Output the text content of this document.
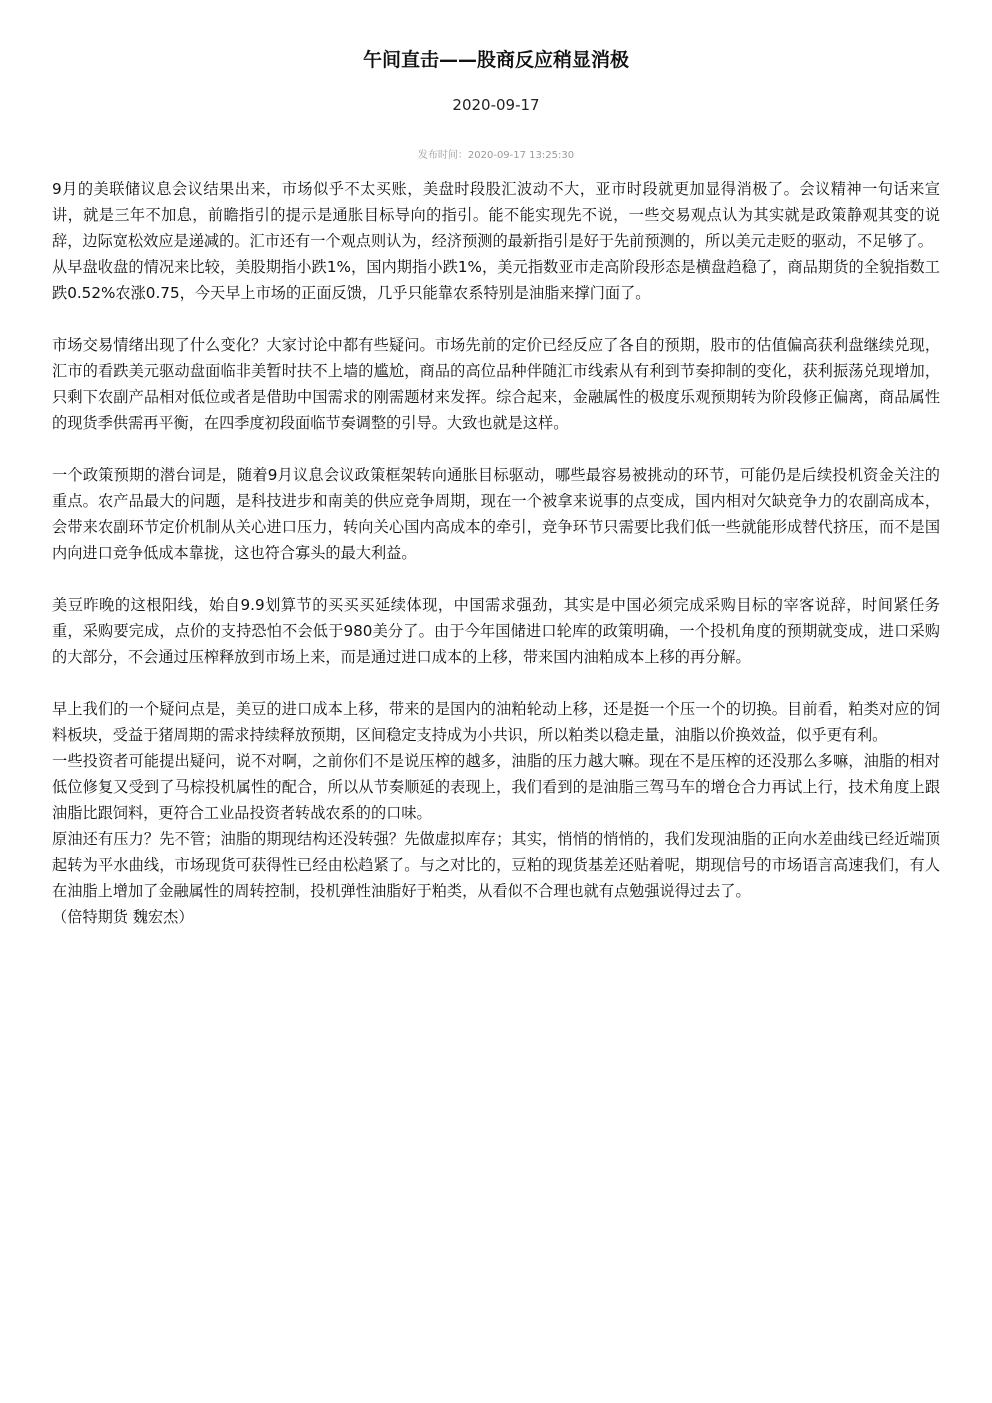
午间直击——股商反应稍显消极
2020-09-17
发布时间：2020-09-17 13:25:30

9月的美联储议息会议结果出来，市场似乎不太买账，美盘时段股汇波动不大，亚市时段就更加显得消极了。会议精神一句话来宣讲，就是三年不加息，前瞻指引的提示是通胀目标导向的指引。能不能实现先不说，一些交易观点认为其实就是政策静观其变的说辞，边际宽松效应是递减的。汇市还有一个观点则认为，经济预测的最新指引是好于先前预测的，所以美元走贬的驱动，不足够了。

从早盘收盘的情况来比较，美股期指小跌1%，国内期指小跌1%，美元指数亚市走高阶段形态是横盘趋稳了，商品期货的全貌指数工跌0.52%农涨0.75，今天早上市场的正面反馈，几乎只能靠农系特别是油脂来撑门面了。

市场交易情绪出现了什么变化？大家讨论中都有些疑问。市场先前的定价已经反应了各自的预期，股市的估值偏高获利盘继续兑现，汇市的看跌美元驱动盘面临非美暂时扶不上墙的尴尬，商品的高位品种伴随汇市线索从有利到节奏抑制的变化，获利振荡兑现增加，只剩下农副产品相对低位或者是借助中国需求的刚需题材来发挥。综合起来，金融属性的极度乐观预期转为阶段修正偏离，商品属性的现货季供需再平衡，在四季度初段面临节奏调整的引导。大致也就是这样。

一个政策预期的潜台词是，随着9月议息会议政策框架转向通胀目标驱动，哪些最容易被挑动的环节，可能仍是后续投机资金关注的重点。农产品最大的问题，是科技进步和南美的供应竞争周期，现在一个被拿来说事的点变成，国内相对欠缺竞争力的农副高成本，会带来农副环节定价机制从关心进口压力，转向关心国内高成本的牵引，竞争环节只需要比我们低一些就能形成替代挤压，而不是国内向进口竞争低成本靠拢，这也符合寡头的最大利益。

美豆昨晚的这根阳线，始自9.9划算节的买买买延续体现，中国需求强劲，其实是中国必须完成采购目标的宰客说辞，时间紧任务重，采购要完成，点价的支持恐怕不会低于980美分了。由于今年国储进口轮库的政策明确，一个投机角度的预期就变成，进口采购的大部分，不会通过压榨释放到市场上来，而是通过进口成本的上移，带来国内油粕成本上移的再分解。

早上我们的一个疑问点是，美豆的进口成本上移，带来的是国内的油粕轮动上移，还是挺一个压一个的切换。目前看，粕类对应的饲料板块，受益于猪周期的需求持续释放预期，区间稳定支持成为小共识，所以粕类以稳走量，油脂以价换效益，似乎更有利。

一些投资者可能提出疑问，说不对啊，之前你们不是说压榨的越多，油脂的压力越大嘛。现在不是压榨的还没那么多嘛，油脂的相对低位修复又受到了马棕投机属性的配合，所以从节奏顺延的表现上，我们看到的是油脂三驾马车的增仓合力再试上行，技术角度上跟油脂比跟饲料，更符合工业品投资者转战农系的的口味。

原油还有压力？先不管；油脂的期现结构还没转强？先做虚拟库存；其实，悄悄的悄悄的，我们发现油脂的正向水差曲线已经近端顶起转为平水曲线，市场现货可获得性已经由松趋紧了。与之对比的，豆粕的现货基差还贴着呢，期现信号的市场语言高速我们，有人在油脂上增加了金融属性的周转控制，投机弹性油脂好于粕类，从看似不合理也就有点勉强说得过去了。

（倍特期货 魏宏杰）
